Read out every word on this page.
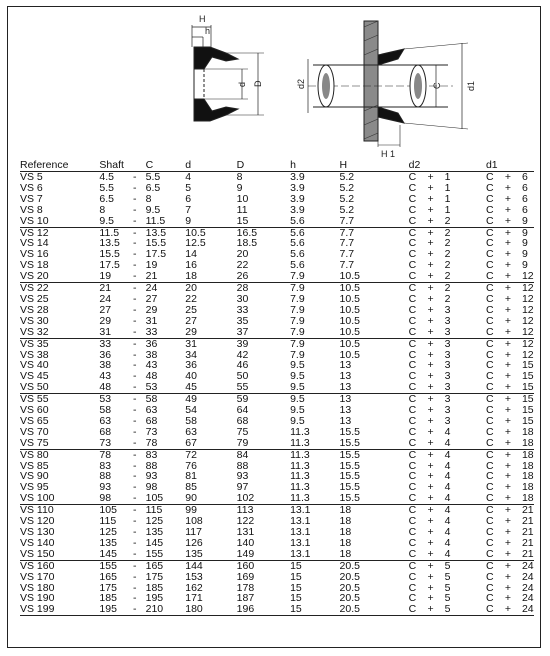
H
h
d D	d2	C	d1
H 1
Reference	Shaft		C	d	D	h	H	d2	d1
VS 5	4.5	-	5.5	4	8	3.9	5.2	C + 1	C + 6
VS 6	5.5	-	6.5	5	9	3.9	5.2	C + 1	C + 6
VS 7	6.5	-	8	6	10	3.9	5.2	C + 1	C + 6
VS 8	8	-	9.5	7	11	3.9	5.2	C + 1	C + 6
VS 10	9.5	-	11.5	9	15	5.6	7.7	C + 2	C + 9
VS 12	11.5	-	13.5	10.5	16.5	5.6	7.7	C + 2	C + 9
VS 14	13.5	-	15.5	12.5	18.5	5.6	7.7	C + 2	C + 9
VS 16	15.5	-	17.5	14	20	5.6	7.7	C + 2	C + 9
VS 18	17.5	-	19	16	22	5.6	7.7	C + 2	C + 9
VS 20	19	-	21	18	26	7.9	10.5	C + 2	C + 12
VS 22	21	-	24	20	28	7.9	10.5	C + 2	C + 12
VS 25	24	-	27	22	30	7.9	10.5	C + 2	C + 12
VS 28	27	-	29	25	33	7.9	10.5	C + 3	C + 12
VS 30	29	-	31	27	35	7.9	10.5	C + 3	C + 12
VS 32	31	-	33	29	37	7.9	10.5	C + 3	C + 12
VS 35	33	-	36	31	39	7.9	10.5	C + 3	C + 12
VS 38	36	-	38	34	42	7.9	10.5	C + 3	C + 12
VS 40	38	-	43	36	46	9.5	13	C + 3	C + 15
VS 45	43	-	48	40	50	9.5	13	C + 3	C + 15
VS 50	48	-	53	45	55	9.5	13	C + 3	C + 15
VS 55	53	-	58	49	59	9.5	13	C + 3	C + 15
VS 60	58	-	63	54	64	9.5	13	C + 3	C + 15
VS 65	63	-	68	58	68	9.5	13	C + 3	C + 15
VS 70	68	-	73	63	75	11.3	15.5	C + 4	C + 18
VS 75	73	-	78	67	79	11.3	15.5	C + 4	C + 18
VS 80	78	-	83	72	84	11.3	15.5	C + 4	C + 18
VS 85	83	-	88	76	88	11.3	15.5	C + 4	C + 18
VS 90	88	-	93	81	93	11.3	15.5	C + 4	C + 18
VS 95	93	-	98	85	97	11.3	15.5	C + 4	C + 18
VS 100	98	-	105	90	102	11.3	15.5	C + 4	C + 18
VS 110	105	-	115	99	113	13.1	18	C + 4	C + 21
VS 120	115	-	125	108	122	13.1	18	C + 4	C + 21
VS 130	125	-	135	117	131	13.1	18	C + 4	C + 21
VS 140	135	-	145	126	140	13.1	18	C + 4	C + 21
VS 150	145	-	155	135	149	13.1	18	C + 4	C + 21
VS 160	155	-	165	144	160	15	20.5	C + 5	C + 24
VS 170	165	-	175	153	169	15	20.5	C + 5	C + 24
VS 180	175	-	185	162	178	15	20.5	C + 5	C + 24
VS 190	185	-	195	171	187	15	20.5	C + 5	C + 24
VS 199	195	-	210	180	196	15	20.5	C + 5	C + 24
